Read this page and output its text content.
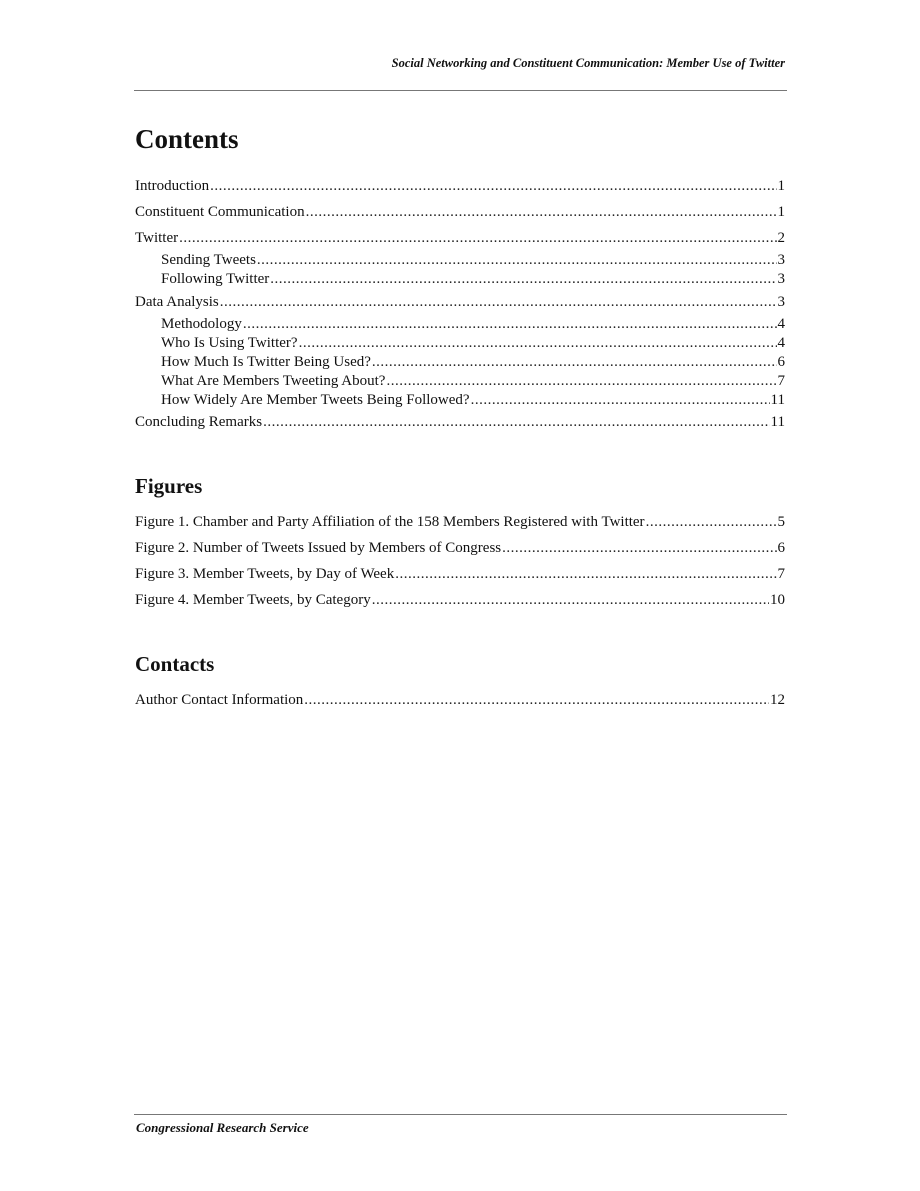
Social Networking and Constituent Communication: Member Use of Twitter
Contents
Introduction .....	1
Constituent Communication .....	1
Twitter .....	2
Sending Tweets .....	3
Following Twitter .....	3
Data Analysis .....	3
Methodology .....	4
Who Is Using Twitter? .....	4
How Much Is Twitter Being Used? .....	6
What Are Members Tweeting About? .....	7
How Widely Are Member Tweets Being Followed? .....	11
Concluding Remarks .....	11
Figures
Figure 1. Chamber and Party Affiliation of the 158 Members Registered with Twitter .....	5
Figure 2. Number of Tweets Issued by Members of Congress .....	6
Figure 3. Member Tweets, by Day of Week .....	7
Figure 4. Member Tweets, by Category .....	10
Contacts
Author Contact Information .....	12
Congressional Research Service
